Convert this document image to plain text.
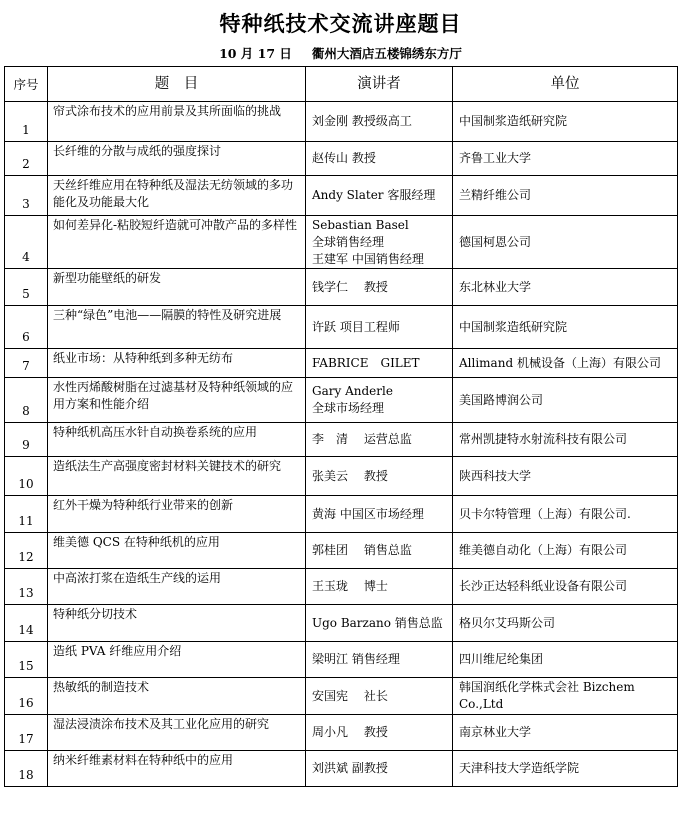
特种纸技术交流讲座题目
10 月 17 日 衢州大酒店五楼锦绣东方厅
序号	题　目	演讲者	单位
1	帘式涂布技术的应用前景及其所面临的挑战	刘金刚 教授级高工	中国制浆造纸研究院
2	长纤维的分散与成纸的强度探讨	赵传山 教授	齐鲁工业大学
3	天丝纤维应用在特种纸及湿法无纺领域的多功能化及功能最大化	Andy Slater 客服经理	兰精纤维公司
4	如何差异化-粘胶短纤造就可冲散产品的多样性	Sebastian Basel
全球销售经理
王建军 中国销售经理	德国柯恩公司
5	新型功能壁纸的研发	钱学仁　 教授	东北林业大学
6	三种“绿色”电池——隔膜的特性及研究进展	许跃 项目工程师	中国制浆造纸研究院
7	纸业市场：从特种纸到多种无纺布	FABRICE　GILET	Allimand 机械设备（上海）有限公司
8	水性丙烯酸树脂在过滤基材及特种纸领域的应用方案和性能介绍	Gary Anderle
全球市场经理	美国路博润公司
9	特种纸机高压水针自动换卷系统的应用	李　清　 运营总监	常州凯捷特水射流科技有限公司
10	造纸法生产高强度密封材料关键技术的研究	张美云　 教授	陕西科技大学
11	红外干燥为特种纸行业带来的创新	黄海 中国区市场经理	贝卡尔特管理（上海）有限公司.
12	维美德 QCS 在特种纸机的应用	郭桂团　 销售总监	维美德自动化（上海）有限公司
13	中高浓打浆在造纸生产线的运用	王玉珑　 博士	长沙正达轻科纸业设备有限公司
14	特种纸分切技术	Ugo Barzano 销售总监	格贝尔艾玛斯公司
15	造纸 PVA 纤维应用介绍	梁明江 销售经理	四川维尼纶集团
16	热敏纸的制造技术	安国宪　 社长	韩国润纸化学株式会社 Bizchem Co.,Ltd
17	湿法浸渍涂布技术及其工业化应用的研究	周小凡　 教授	南京林业大学
18	纳米纤维素材料在特种纸中的应用	刘洪斌 副教授	天津科技大学造纸学院
